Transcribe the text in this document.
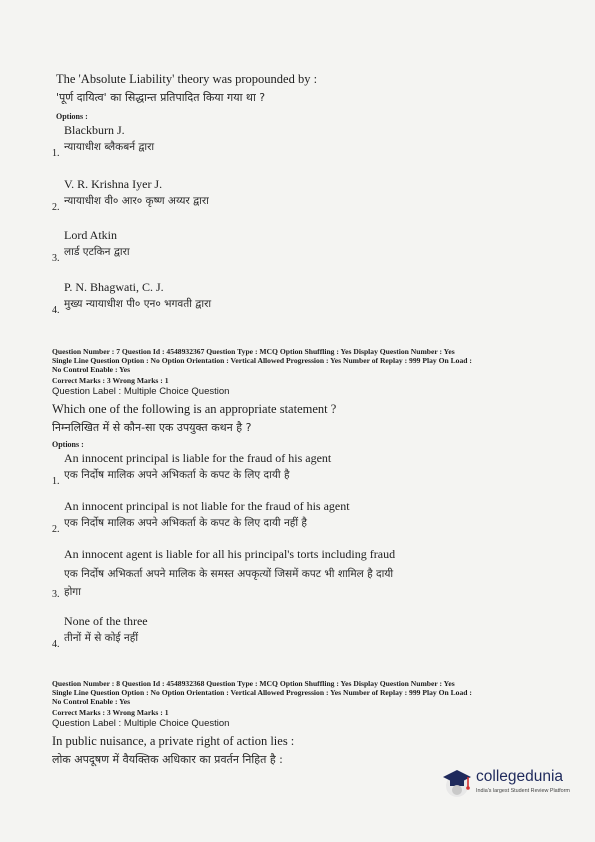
The 'Absolute Liability' theory was propounded by :
'पूर्ण दायित्व' का सिद्धान्त प्रतिपादित किया गया था ?
Options :
Blackburn J.
न्यायाधीश ब्लैकबर्न द्वारा
1.
V. R. Krishna Iyer J.
न्यायाधीश वी० आर० कृष्ण अय्यर द्वारा
2.
Lord Atkin
लार्ड एटकिन द्वारा
3.
P. N. Bhagwati, C. J.
मुख्य न्यायाधीश पी० एन० भगवती द्वारा
4.
Question Number : 7 Question Id : 4548932367 Question Type : MCQ Option Shuffling : Yes Display Question Number : Yes
Single Line Question Option : No Option Orientation : Vertical Allowed Progression : Yes Number of Replay : 999 Play On Load :
No Control Enable : Yes
Correct Marks : 3 Wrong Marks : 1
Question Label : Multiple Choice Question
Which one of the following is an appropriate statement ?
निम्नलिखित में से कौन-सा एक उपयुक्त कथन है ?
Options :
An innocent principal is liable for the fraud of his agent
एक निर्दोष मालिक अपने अभिकर्ता के कपट के लिए दायी है
1.
An innocent principal is not liable for the fraud of his agent
एक निर्दोष मालिक अपने अभिकर्ता के कपट के लिए दायी नहीं है
2.
An innocent agent is liable for all his principal's torts including fraud
एक निर्दोष अभिकर्ता अपने मालिक के समस्त अपकृत्यों जिसमें कपट भी शामिल है दायी
होगा
3.
None of the three
तीनों में से कोई नहीं
4.
Question Number : 8 Question Id : 4548932368 Question Type : MCQ Option Shuffling : Yes Display Question Number : Yes
Single Line Question Option : No Option Orientation : Vertical Allowed Progression : Yes Number of Replay : 999 Play On Load :
No Control Enable : Yes
Correct Marks : 3 Wrong Marks : 1
Question Label : Multiple Choice Question
In public nuisance, a private right of action lies :
लोक अपदूषण में वैयक्तिक अधिकार का प्रवर्तन निहित है :
collegedunia
India's largest Student Review Platform
